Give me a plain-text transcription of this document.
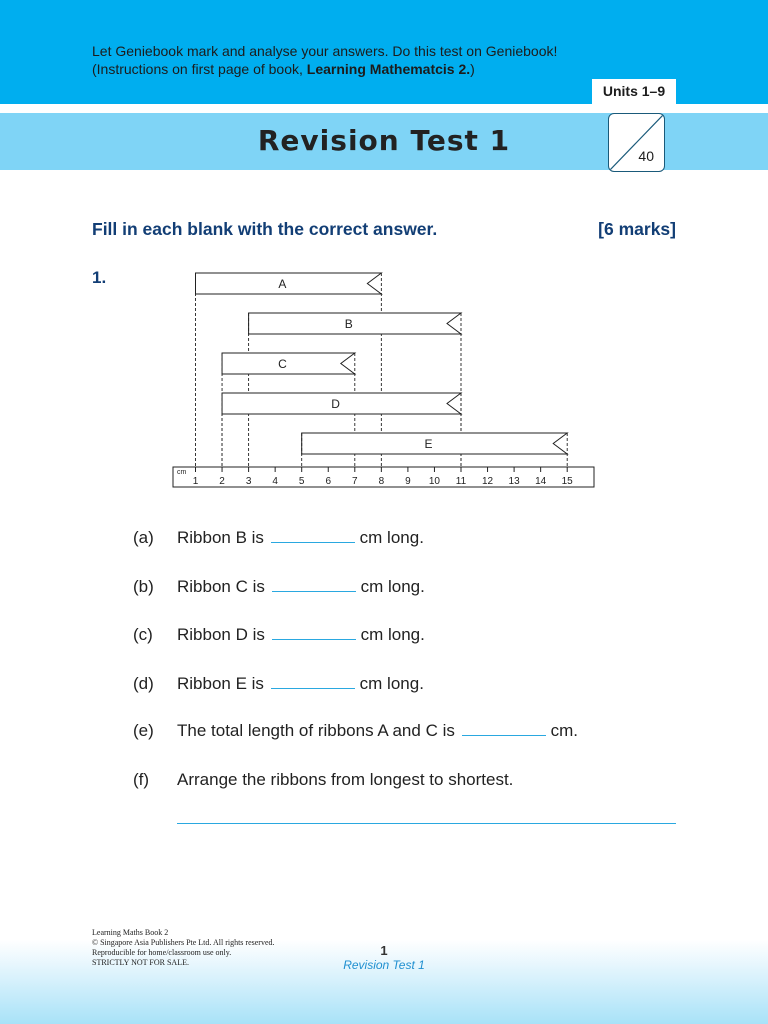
Let Geniebook mark and analyse your answers. Do this test on Geniebook!
(Instructions on first page of book, Learning Mathematcis 2.)
Units 1–9
Revision Test 1	40
Fill in each blank with the correct answer.	[6 marks]
1.
cm
1 2 3 4 5 6 7 8 9 10 11 12 13 14 15
A
B
C
D
E
(a) Ribbon B is	cm long.
(b) Ribbon C is	cm long.
(c) Ribbon D is	cm long.
(d) Ribbon E is	cm long.
(e) The total length of ribbons A and C is	cm.
(f) Arrange the ribbons from longest to shortest.
Learning Maths Book 2
© Singapore Asia Publishers Pte Ltd. All rights reserved.
Reproducible for home/classroom use only.
STRICTLY NOT FOR SALE.
1
Revision Test 1
